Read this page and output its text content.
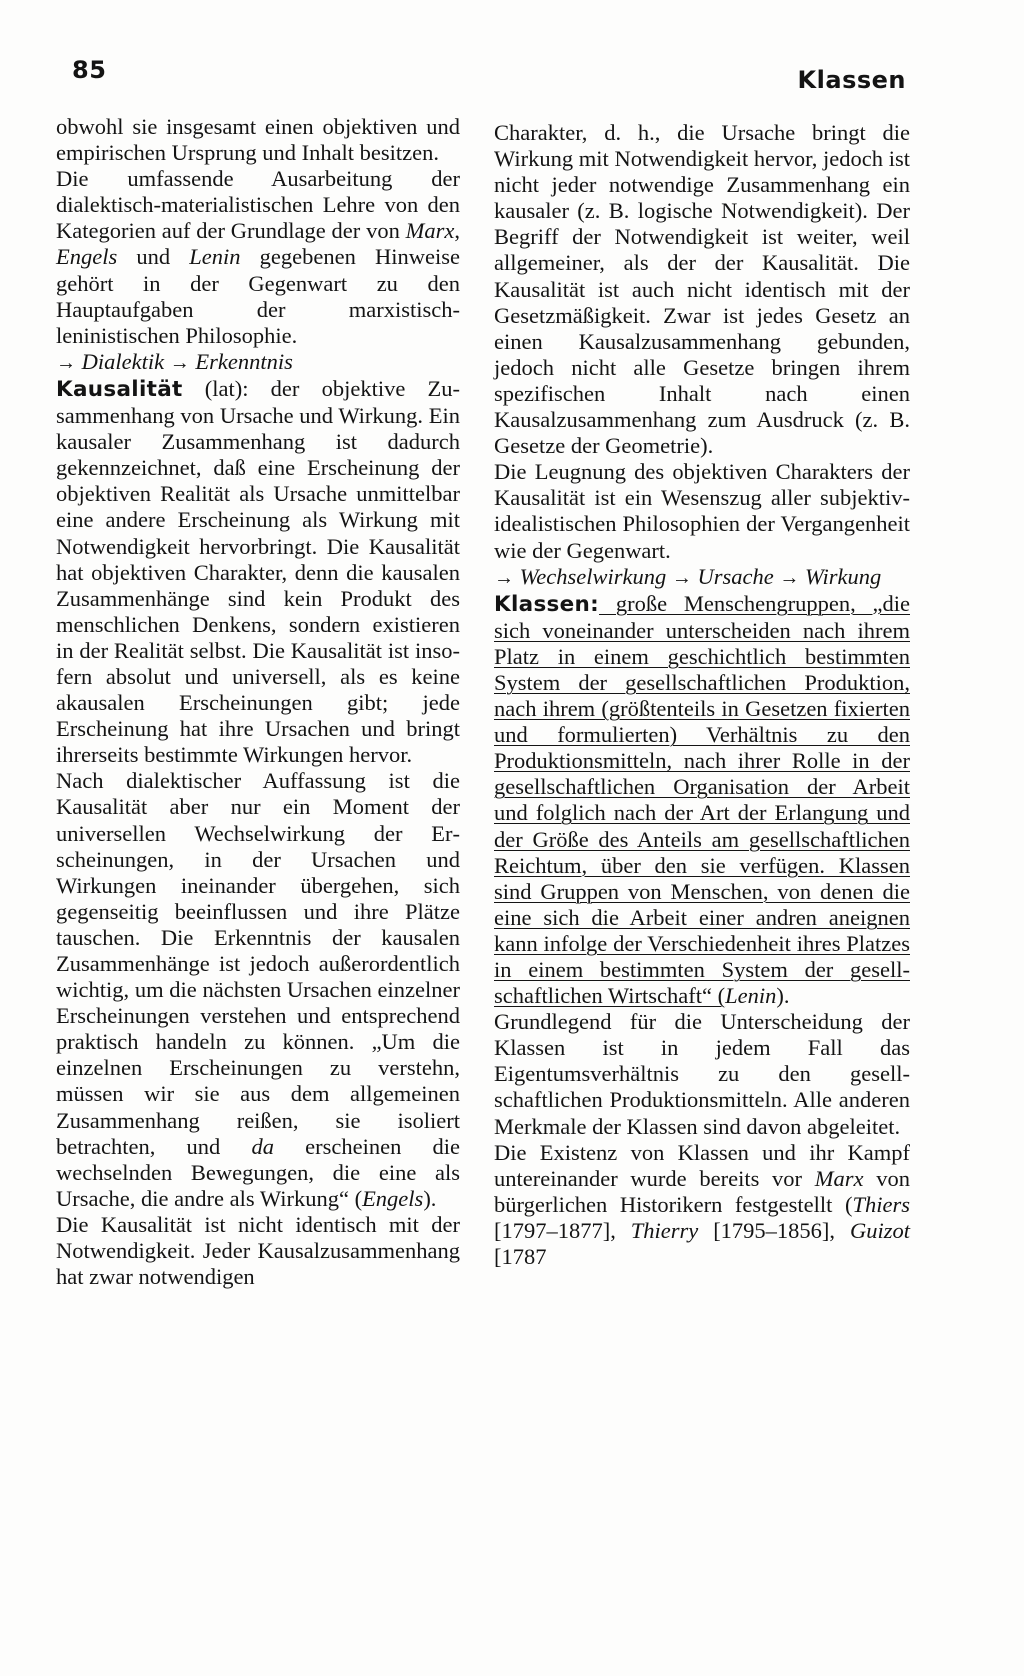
85	Klassen

obwohl sie insgesamt einen objektiven und empirischen Ursprung und Inhalt besitzen.

Die umfassende Ausarbeitung der dialektisch-materialistischen Lehre von den Kategorien auf der Grundlage der von Marx, Engels und Lenin gegebenen Hinweise gehört in der Gegenwart zu den Hauptaufgaben der marxistisch-leninistischen Philosophie.

→ Dialektik → Erkenntnis

Kausalität (lat): der objektive Zusammenhang von Ursache und Wirkung. Ein kausaler Zusammenhang ist dadurch gekennzeichnet, daß eine Erscheinung der objektiven Realität als Ursache unmittelbar eine andere Erscheinung als Wirkung mit Notwendigkeit hervorbringt. Die Kausalität hat objektiven Charakter, denn die kausalen Zusammenhänge sind kein Produkt des menschlichen Denkens, sondern existieren in der Realität selbst. Die Kausalität ist insofern absolut und universell, als es keine akausalen Erscheinungen gibt; jede Erscheinung hat ihre Ursachen und bringt ihrerseits bestimmte Wirkungen hervor.

Nach dialektischer Auffassung ist die Kausalität aber nur ein Moment der universellen Wechselwirkung der Erscheinungen, in der Ursachen und Wirkungen ineinander übergehen, sich gegenseitig beeinflussen und ihre Plätze tauschen. Die Erkenntnis der kausalen Zusammenhänge ist jedoch außerordentlich wichtig, um die nächsten Ursachen einzelner Erscheinungen verstehen und entsprechend praktisch handeln zu können. „Um die einzelnen Erscheinungen zu verstehn, müssen wir sie aus dem allgemeinen Zusammenhang reißen, sie isoliert betrachten, und da erscheinen die wechselnden Bewegungen, die eine als Ursache, die andre als Wirkung“ (Engels).

Die Kausalität ist nicht identisch mit der Notwendigkeit. Jeder Kausalzusammenhang hat zwar notwendigen

Charakter, d. h., die Ursache bringt die Wirkung mit Notwendigkeit hervor, jedoch ist nicht jeder notwendige Zusammenhang ein kausaler (z. B. logische Notwendigkeit). Der Begriff der Notwendigkeit ist weiter, weil allgemeiner, als der der Kausalität. Die Kausalität ist auch nicht identisch mit der Gesetzmäßigkeit. Zwar ist jedes Gesetz an einen Kausalzusammenhang gebunden, jedoch nicht alle Gesetze bringen ihrem spezifischen Inhalt nach einen Kausalzusammenhang zum Ausdruck (z. B. Gesetze der Geometrie).

Die Leugnung des objektiven Charakters der Kausalität ist ein Wesenszug aller subjektiv-idealistischen Philosophien der Vergangenheit wie der Gegenwart.

→ Wechselwirkung → Ursache → Wirkung

Klassen: große Menschengruppen, „die sich voneinander unterscheiden nach ihrem Platz in einem geschichtlich bestimmten System der gesellschaftlichen Produktion, nach ihrem (größtenteils in Gesetzen fixierten und formulierten) Verhältnis zu den Produktionsmitteln, nach ihrer Rolle in der gesellschaftlichen Organisation der Arbeit und folglich nach der Art der Erlangung und der Größe des Anteils am gesellschaftlichen Reichtum, über den sie verfügen. Klassen sind Gruppen von Menschen, von denen die eine sich die Arbeit einer andren aneignen kann infolge der Verschiedenheit ihres Platzes in einem bestimmten System der gesellschaftlichen Wirtschaft“ (Lenin).

Grundlegend für die Unterscheidung der Klassen ist in jedem Fall das Eigentumsverhältnis zu den gesellschaftlichen Produktionsmitteln. Alle anderen Merkmale der Klassen sind davon abgeleitet.

Die Existenz von Klassen und ihr Kampf untereinander wurde bereits vor Marx von bürgerlichen Historikern festgestellt (Thiers [1797–1877], Thierry [1795–1856], Guizot [1787
